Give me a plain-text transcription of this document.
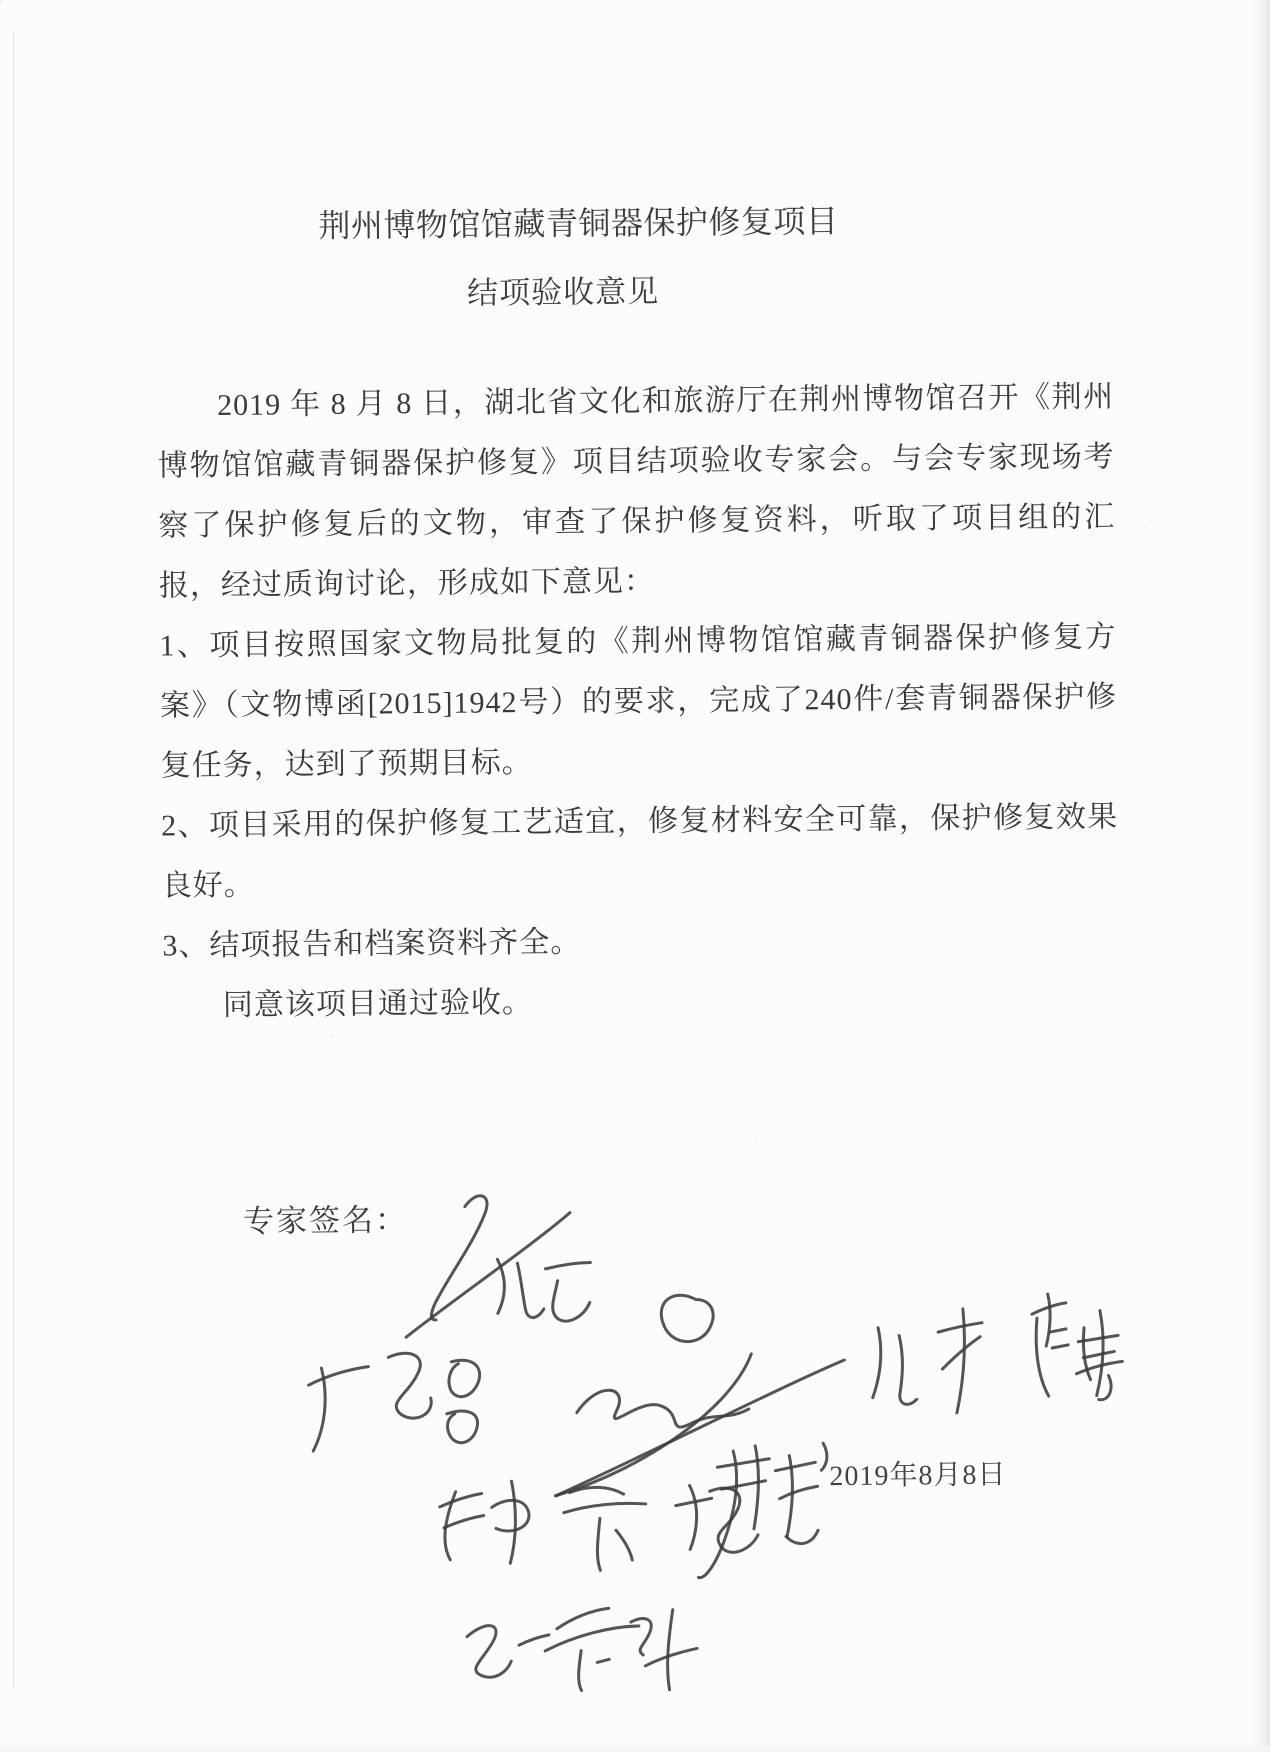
荆州博物馆馆藏青铜器保护修复项目
结项验收意见

2019 年 8 月 8 日，湖北省文化和旅游厅在荆州博物馆召开《荆州博物馆馆藏青铜器保护修复》项目结项验收专家会。与会专家现场考察了保护修复后的文物，审查了保护修复资料，听取了项目组的汇报，经过质询讨论，形成如下意见：

1、项目按照国家文物局批复的《荆州博物馆馆藏青铜器保护修复方案》（文物博函[2015]1942号）的要求，完成了240件/套青铜器保护修复任务，达到了预期目标。

2、项目采用的保护修复工艺适宜，修复材料安全可靠，保护修复效果良好。

3、结项报告和档案资料齐全。

同意该项目通过验收。

专家签名：
2019年8月8日
